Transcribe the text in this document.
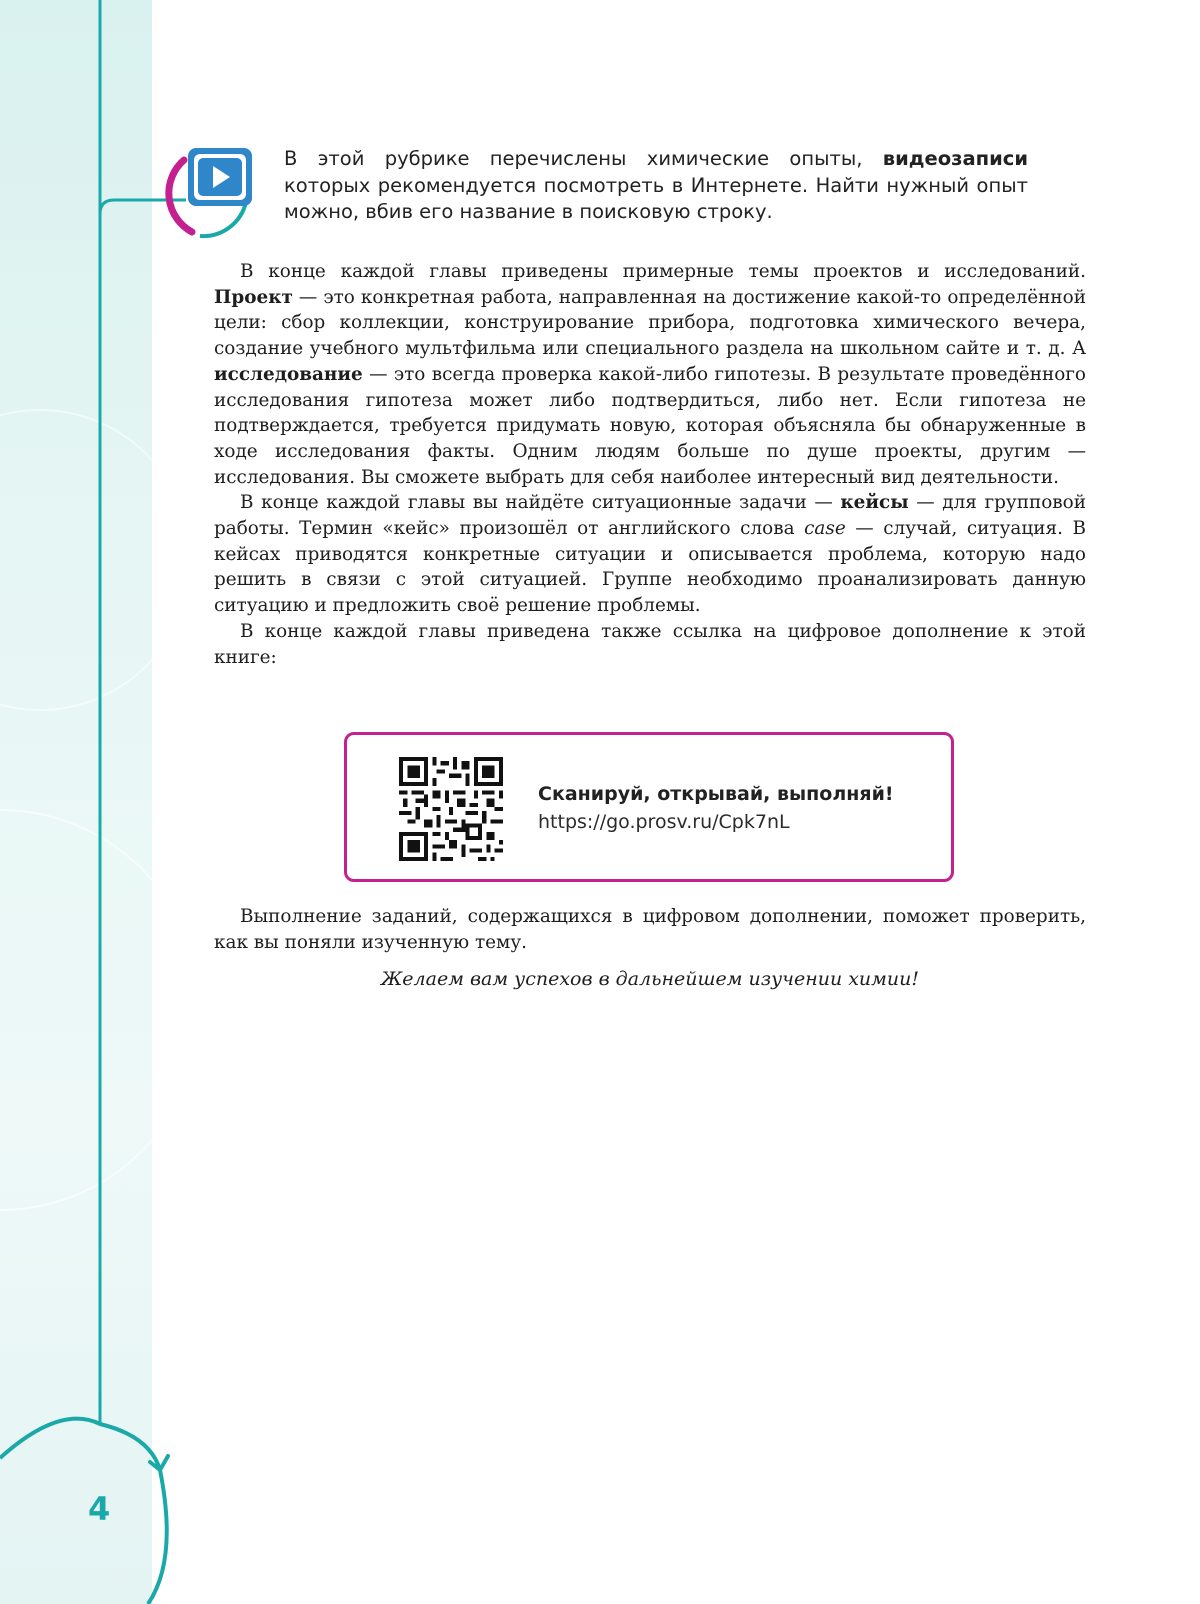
В этой рубрике перечислены химические опыты, видеозаписи которых рекомендуется посмотреть в Интернете. Найти нужный опыт можно, вбив его название в поисковую строку.

В конце каждой главы приведены примерные темы проектов и исследований. Проект — это конкретная работа, направленная на достижение какой-то определённой цели: сбор коллекции, конструирование прибора, подготовка химического вечера, создание учебного мультфильма или специального раздела на школьном сайте и т. д. А исследование — это всегда проверка какой-либо гипотезы. В результате проведённого исследования гипотеза может либо подтвердиться, либо нет. Если гипотеза не подтверждается, требуется придумать новую, которая объясняла бы обнаруженные в ходе исследования факты. Одним людям больше по душе проекты, другим — исследования. Вы сможете выбрать для себя наиболее интересный вид деятельности.

В конце каждой главы вы найдёте ситуационные задачи — кейсы — для групповой работы. Термин «кейс» произошёл от английского слова case — случай, ситуация. В кейсах приводятся конкретные ситуации и описывается проблема, которую надо решить в связи с этой ситуацией. Группе необходимо проанализировать данную ситуацию и предложить своё решение проблемы.

В конце каждой главы приведена также ссылка на цифровое дополнение к этой книге:

Сканируй, открывай, выполняй!
https://go.prosv.ru/Cpk7nL

Выполнение заданий, содержащихся в цифровом дополнении, поможет проверить, как вы поняли изученную тему.

Желаем вам успехов в дальнейшем изучении химии!
4
